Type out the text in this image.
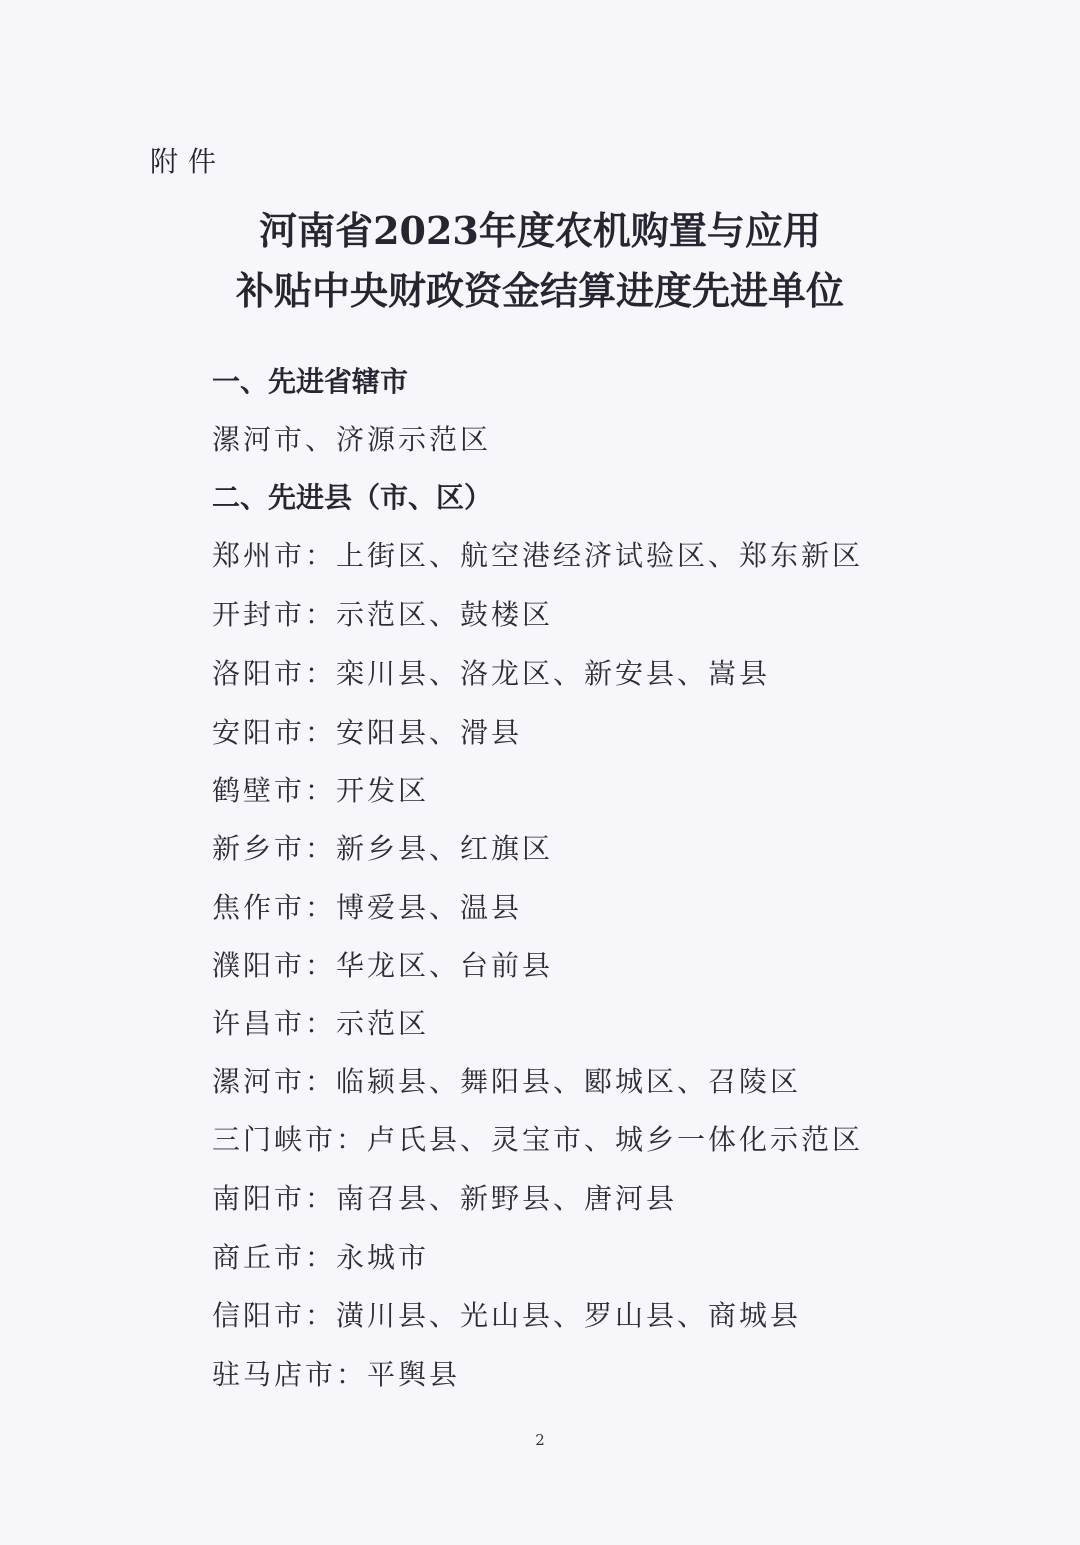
附件
河南省2023年度农机购置与应用
补贴中央财政资金结算进度先进单位
一、先进省辖市
漯河市、济源示范区
二、先进县（市、区）
郑州市：上街区、航空港经济试验区、郑东新区
开封市：示范区、鼓楼区
洛阳市：栾川县、洛龙区、新安县、嵩县
安阳市：安阳县、滑县
鹤壁市：开发区
新乡市：新乡县、红旗区
焦作市：博爱县、温县
濮阳市：华龙区、台前县
许昌市：示范区
漯河市：临颍县、舞阳县、郾城区、召陵区
三门峡市：卢氏县、灵宝市、城乡一体化示范区
南阳市：南召县、新野县、唐河县
商丘市：永城市
信阳市：潢川县、光山县、罗山县、商城县
驻马店市：平舆县
2
